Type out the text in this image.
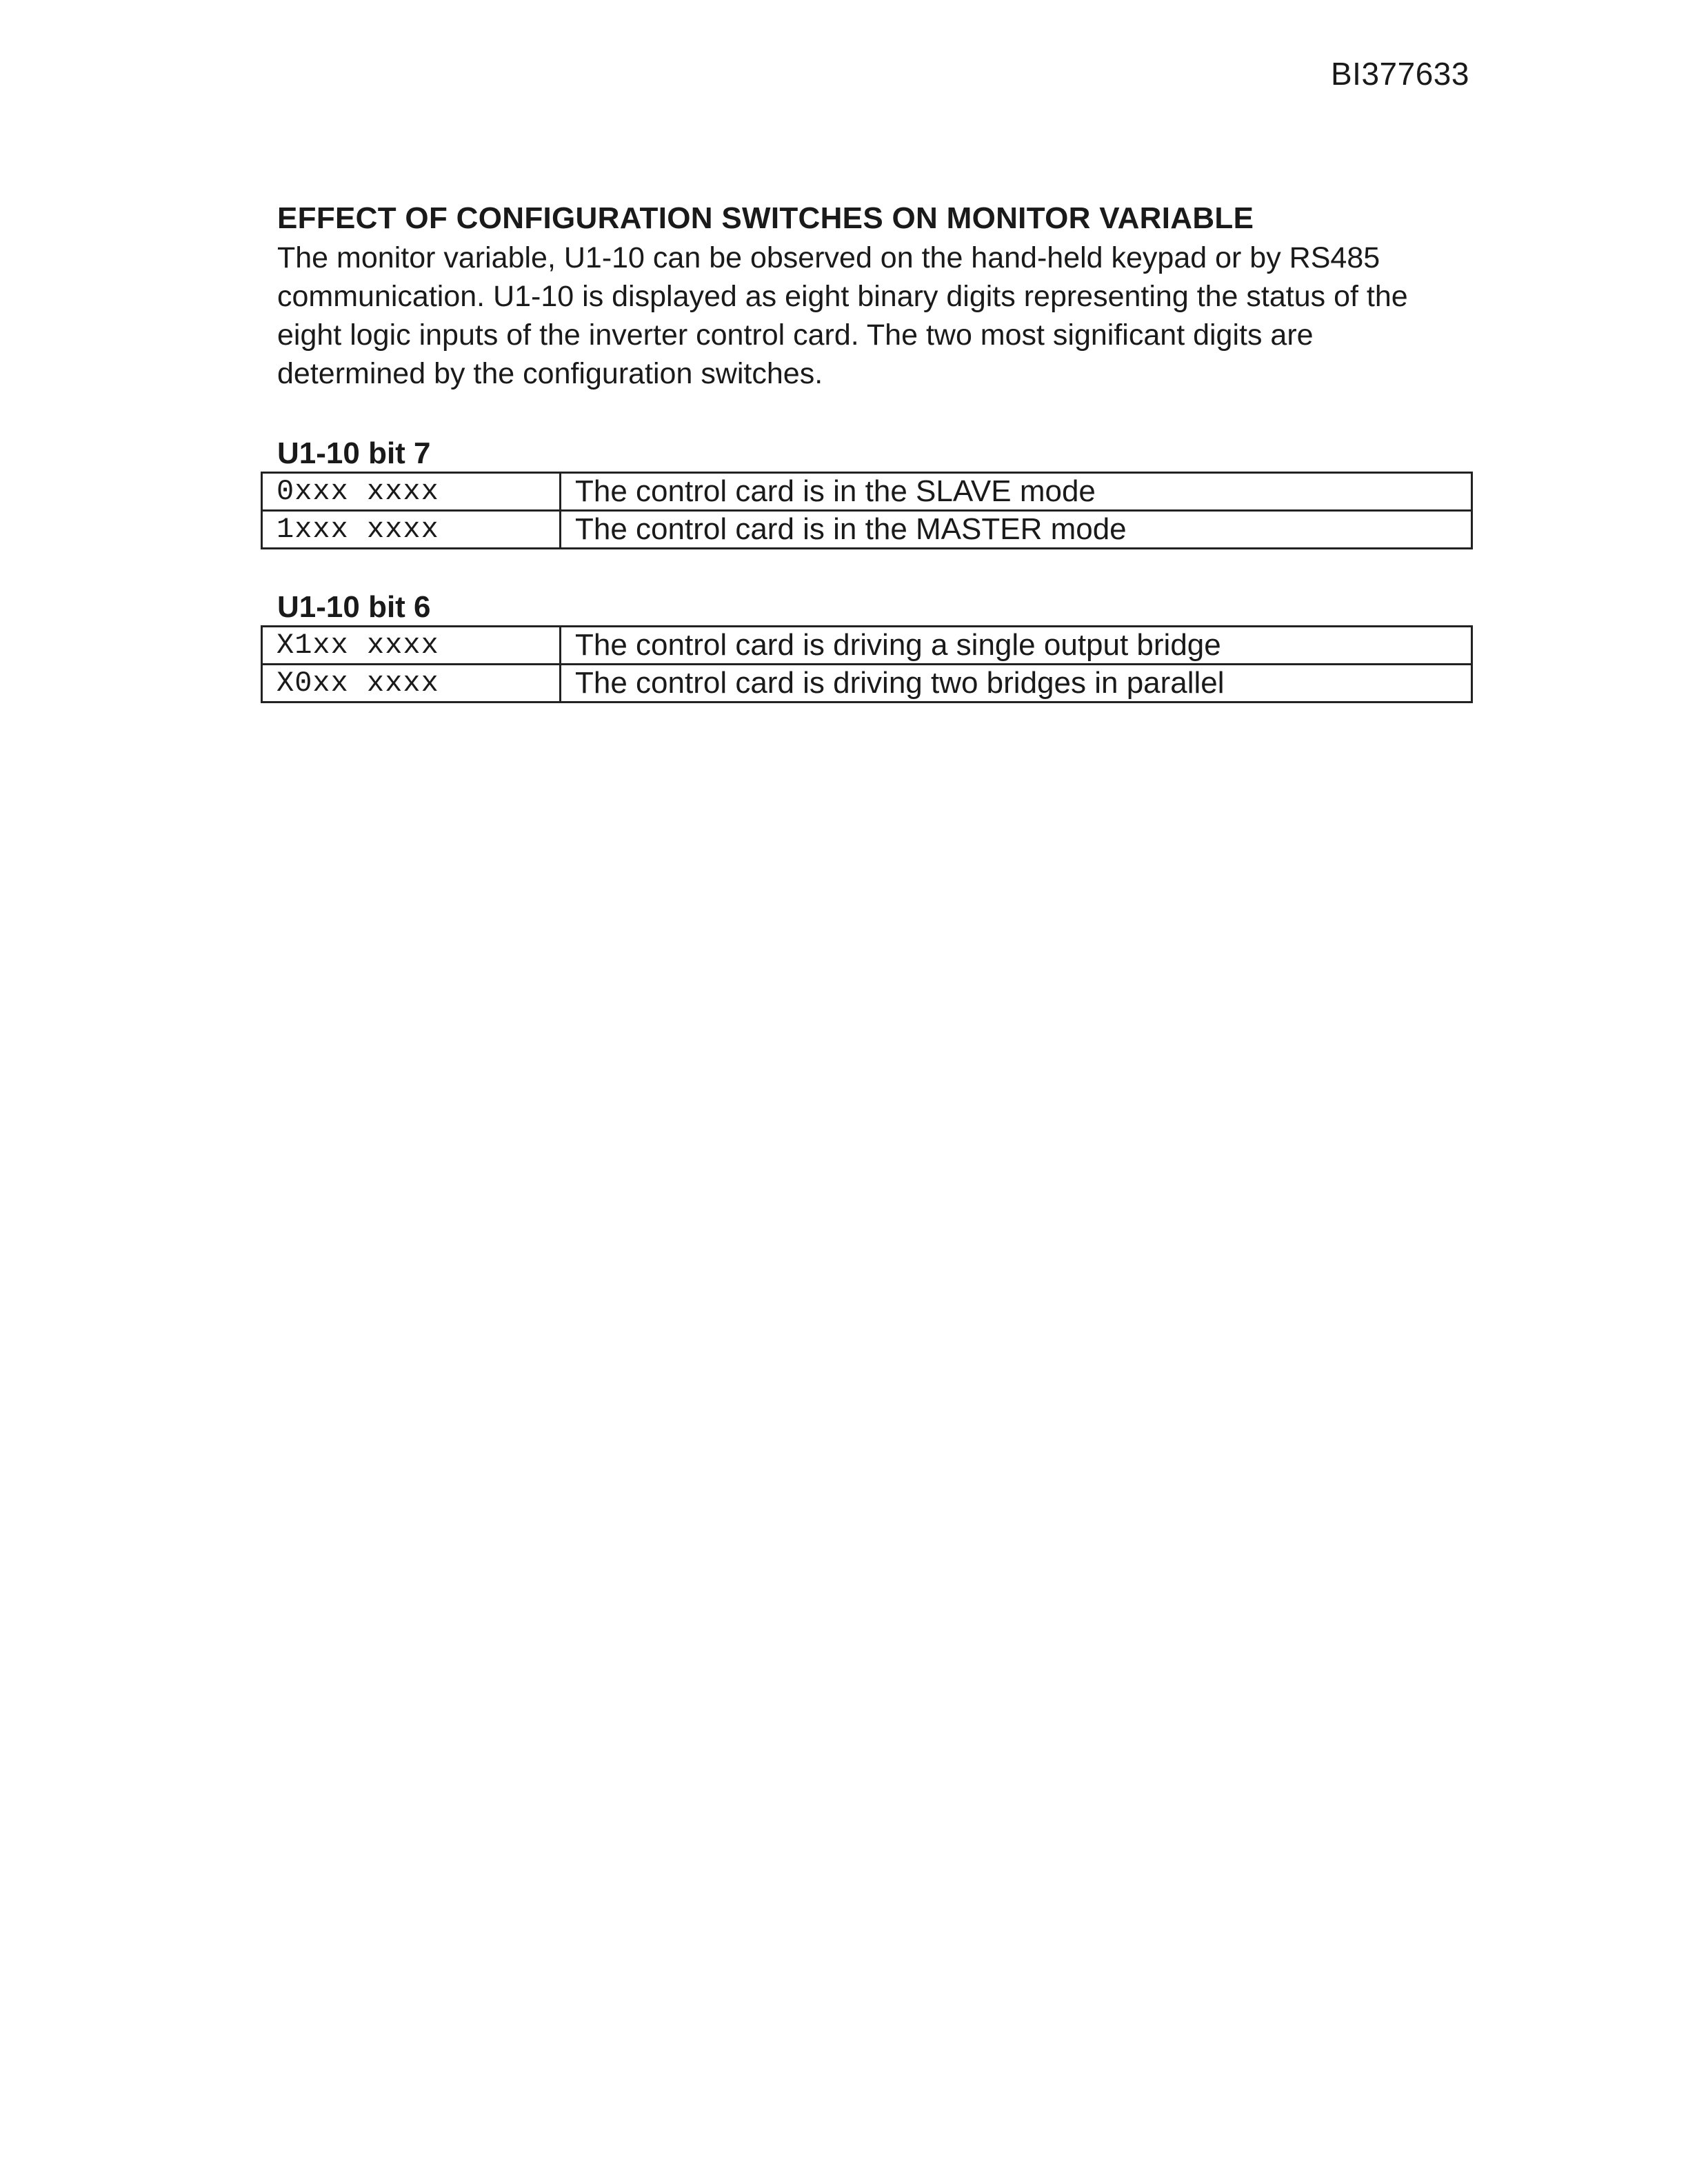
BI377633
EFFECT OF CONFIGURATION SWITCHES ON MONITOR VARIABLE

The monitor variable, U1-10 can be observed on the hand-held keypad or by RS485 communication. U1-10 is displayed as eight binary digits representing the status of the eight logic inputs of the inverter control card. The two most significant digits are determined by the configuration switches.

U1-10 bit 7
0xxx xxxx	The control card is in the SLAVE mode
1xxx xxxx	The control card is in the MASTER mode
U1-10 bit 6
X1xx xxxx	The control card is driving a single output bridge
X0xx xxxx	The control card is driving two bridges in parallel
